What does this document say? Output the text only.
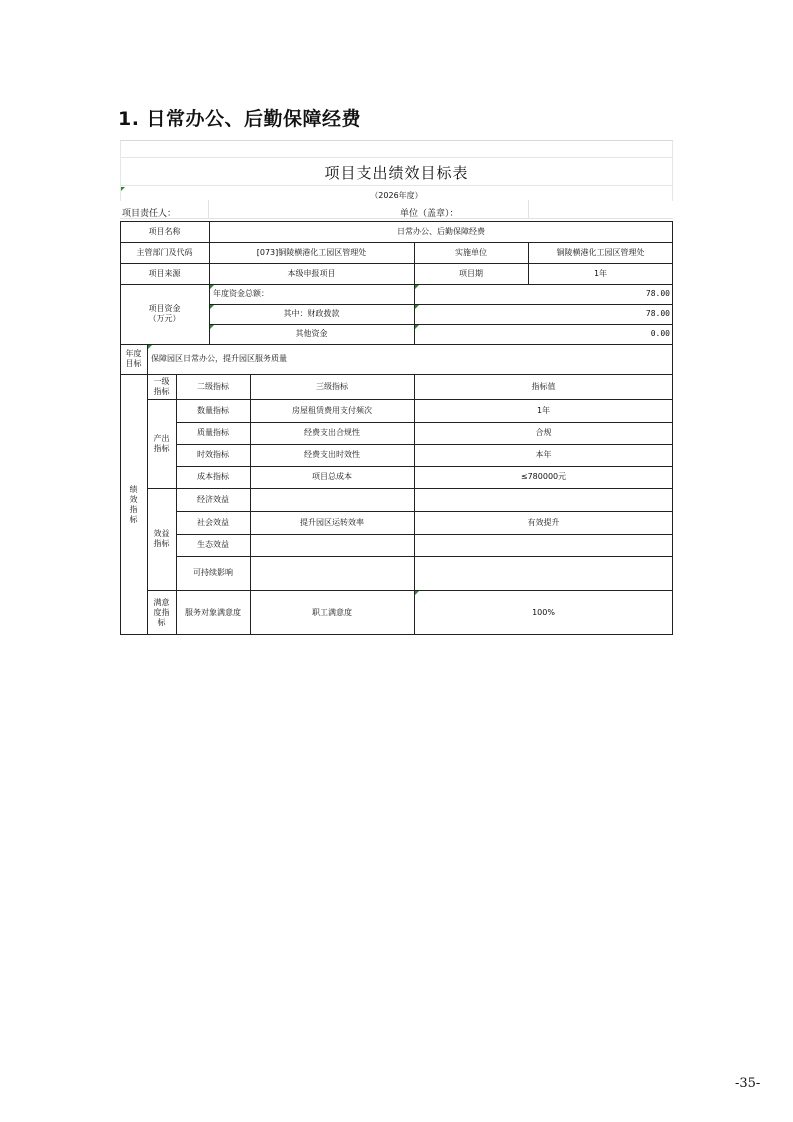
1. 日常办公、后勤保障经费
项目支出绩效目标表
（2026年度）
项目责任人：	单位（盖章）：
项目名称	日常办公、后勤保障经费
主管部门及代码	[073]铜陵横港化工园区管理处	实施单位	铜陵横港化工园区管理处
项目来源	本级申报项目	项目期	1年
项目资金
（万元）
年度资金总额：	78.00
其中：财政拨款	78.00
其他资金	0.00
年度
目标
保障园区日常办公，提升园区服务质量
绩
效
指
标
一级
指标
二级指标	三级指标	指标值
产出
指标
数量指标	房屋租赁费用支付频次	1年
质量指标	经费支出合规性	合规
时效指标	经费支出时效性	本年
成本指标	项目总成本	≤780000元
效益
指标
经济效益
社会效益	提升园区运转效率	有效提升
生态效益
可持续影响
满意
度指
标
服务对象满意度	职工满意度	100%
-35-
